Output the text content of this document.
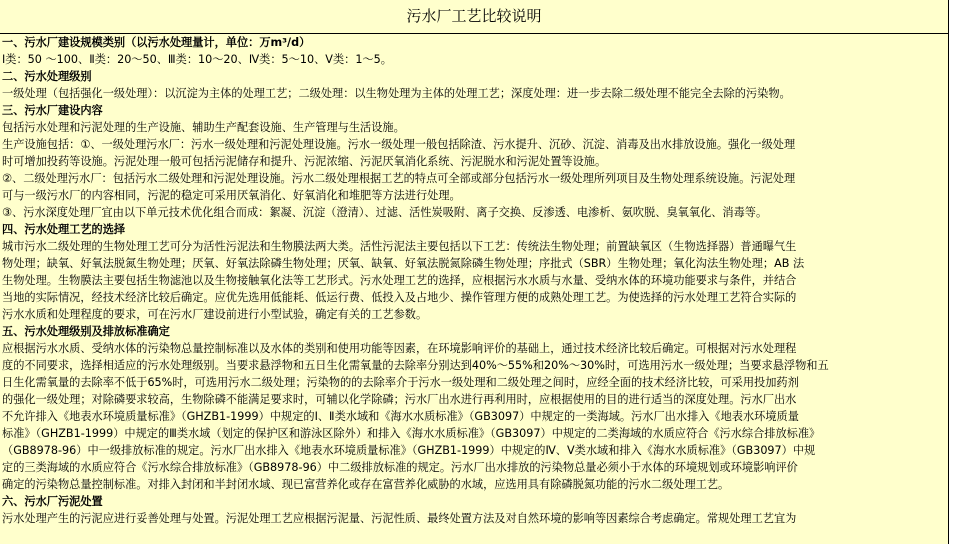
污水厂工艺比较说明
一、污水厂建设规模类别（以污水处理量计，单位：万m³/d）
Ⅰ类：50 ～100、Ⅱ类：20～50、Ⅲ类：10～20、Ⅳ类：5～10、Ⅴ类：1～5。
二、污水处理级别
一级处理（包括强化一级处理）：以沉淀为主体的处理工艺；二级处理：以生物处理为主体的处理工艺；深度处理：进一步去除二级处理不能完全去除的污染物。
三、污水厂建设内容
包括污水处理和污泥处理的生产设施、辅助生产配套设施、生产管理与生活设施。
生产设施包括：①、一级处理污水厂：污水一级处理和污泥处理设施。污水一级处理一般包括除渣、污水提升、沉砂、沉淀、消毒及出水排放设施。强化一级处理
时可增加投药等设施。污泥处理一般可包括污泥储存和提升、污泥浓缩、污泥厌氧消化系统、污泥脱水和污泥处置等设施。
②、二级处理污水厂：包括污水二级处理和污泥处理设施。污水二级处理根据工艺的特点可全部或部分包括污水一级处理所列项目及生物处理系统设施。污泥处理
可与一级污水厂的内容相同，污泥的稳定可采用厌氧消化、好氧消化和堆肥等方法进行处理。
③、污水深度处理厂宜由以下单元技术优化组合而成：絮凝、沉淀（澄清）、过滤、活性炭吸附、离子交换、反渗透、电渗析、氨吹脱、臭氧氧化、消毒等。
四、污水处理工艺的选择
城市污水二级处理的生物处理工艺可分为活性污泥法和生物膜法两大类。活性污泥法主要包括以下工艺：传统法生物处理；前置缺氧区（生物选择器）普通曝气生
物处理；缺氧、好氧法脱氮生物处理；厌氧、好氧法除磷生物处理；厌氧、缺氧、好氧法脱氮除磷生物处理；序批式（SBR）生物处理；氧化沟法生物处理；AB 法
生物处理。生物膜法主要包括生物滤池以及生物接触氧化法等工艺形式。污水处理工艺的选择，应根据污水水质与水量、受纳水体的环境功能要求与条件，并结合
当地的实际情况，经技术经济比较后确定。应优先选用低能耗、低运行费、低投入及占地少、操作管理方便的成熟处理工艺。为使选择的污水处理工艺符合实际的
污水水质和处理程度的要求，可在污水厂建设前进行小型试验，确定有关的工艺参数。
五、污水处理级别及排放标准确定
应根据污水水质、受纳水体的污染物总量控制标准以及水体的类别和使用功能等因素，在环境影响评价的基础上，通过技术经济比较后确定。可根据对污水处理程
度的不同要求，选择相适应的污水处理级别。当要求悬浮物和五日生化需氧量的去除率分别达到40%～55%和20%～30%时，可选用污水一级处理；当要求悬浮物和五
日生化需氧量的去除率不低于65%时，可选用污水二级处理；污染物的的去除率介于污水一级处理和二级处理之间时，应经全面的技术经济比较，可采用投加药剂
的强化一级处理；对除磷要求较高，生物除磷不能满足要求时，可辅以化学除磷；污水厂出水进行再利用时，应根据使用的目的进行适当的深度处理。污水厂出水
不允许排入《地表水环境质量标准》（GHZB1-1999）中规定的Ⅰ、Ⅱ类水域和《海水水质标准》（GB3097）中规定的一类海域。污水厂出水排入《地表水环境质量
标准》（GHZB1-1999）中规定的Ⅲ类水域（划定的保护区和游泳区除外）和排入《海水水质标准》（GB3097）中规定的二类海域的水质应符合《污水综合排放标准》
（GB8978-96）中一级排放标准的规定。污水厂出水排入《地表水环境质量标准》（GHZB1-1999）中规定的Ⅳ、Ⅴ类水域和排入《海水水质标准》（GB3097）中规
定的三类海域的水质应符合《污水综合排放标准》（GB8978-96）中二级排放标准的规定。污水厂出水排放的污染物总量必须小于水体的环境规划或环境影响评价
确定的污染物总量控制标准。对排入封闭和半封闭水域、现已富营养化或存在富营养化威胁的水域，应选用具有除磷脱氮功能的污水二级处理工艺。
六、污水厂污泥处置
污水处理产生的污泥应进行妥善处理与处置。污泥处理工艺应根据污泥量、污泥性质、最终处置方法及对自然环境的影响等因素综合考虑确定。常规处理工艺宜为
